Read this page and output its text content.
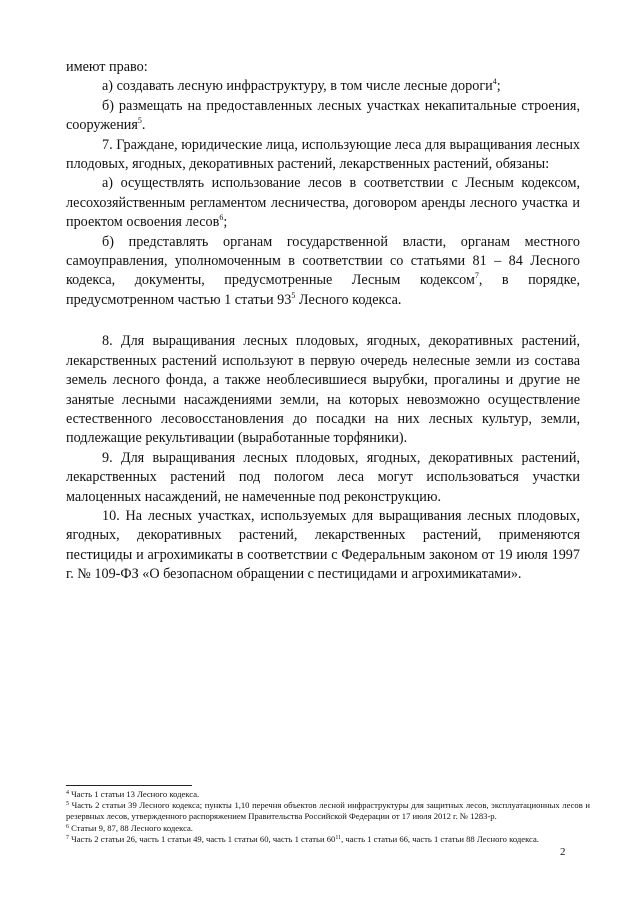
имеют право:

а) создавать лесную инфраструктуру, в том числе лесные дороги$^4$;

б) размещать на предоставленных лесных участках некапитальные строения, сооружения$^5$.

7. Граждане, юридические лица, использующие леса для выращивания лесных плодовых, ягодных, декоративных растений, лекарственных растений, обязаны:

а) осуществлять использование лесов в соответствии с Лесным кодексом, лесохозяйственным регламентом лесничества, договором аренды лесного участка и проектом освоения лесов$^6$;

б) представлять органам государственной власти, органам местного самоуправления, уполномоченным в соответствии со статьями 81 – 84 Лесного кодекса, документы, предусмотренные Лесным кодексом$^7$, в порядке, предусмотренном частью 1 статьи $93^5$ Лесного кодекса.

8. Для выращивания лесных плодовых, ягодных, декоративных растений, лекарственных растений используют в первую очередь нелесные земли из состава земель лесного фонда, а также необлесившиеся вырубки, прогалины и другие не занятые лесными насаждениями земли, на которых невозможно осуществление естественного лесовосстановления до посадки на них лесных культур, земли, подлежащие рекультивации (выработанные торфяники).

9. Для выращивания лесных плодовых, ягодных, декоративных растений, лекарственных растений под пологом леса могут использоваться участки малоценных насаждений, не намеченные под реконструкцию.

10. На лесных участках, используемых для выращивания лесных плодовых, ягодных, декоративных растений, лекарственных растений, применяются пестициды и агрохимикаты в соответствии с Федеральным законом от 19 июля 1997 г. № 109-ФЗ «О безопасном обращении с пестицидами и агрохимикатами».

$^4$ Часть 1 статьи 13 Лесного кодекса.

$^5$ Часть 2 статьи 39 Лесного кодекса; пункты 1,10 перечня объектов лесной инфраструктуры для защитных лесов, эксплуатационных лесов и резервных лесов, утвержденного распоряжением Правительства Российской Федерации от 17 июля 2012 г. № 1283-р.

$^6$ Статьи 9, 87, 88 Лесного кодекса.

$^7$ Часть 2 статьи 26, часть 1 статьи 49, часть 1 статьи 60, часть 1 статьи $60^{11}$, часть 1 статьи 66, часть 1 статьи 88 Лесного кодекса.

2
